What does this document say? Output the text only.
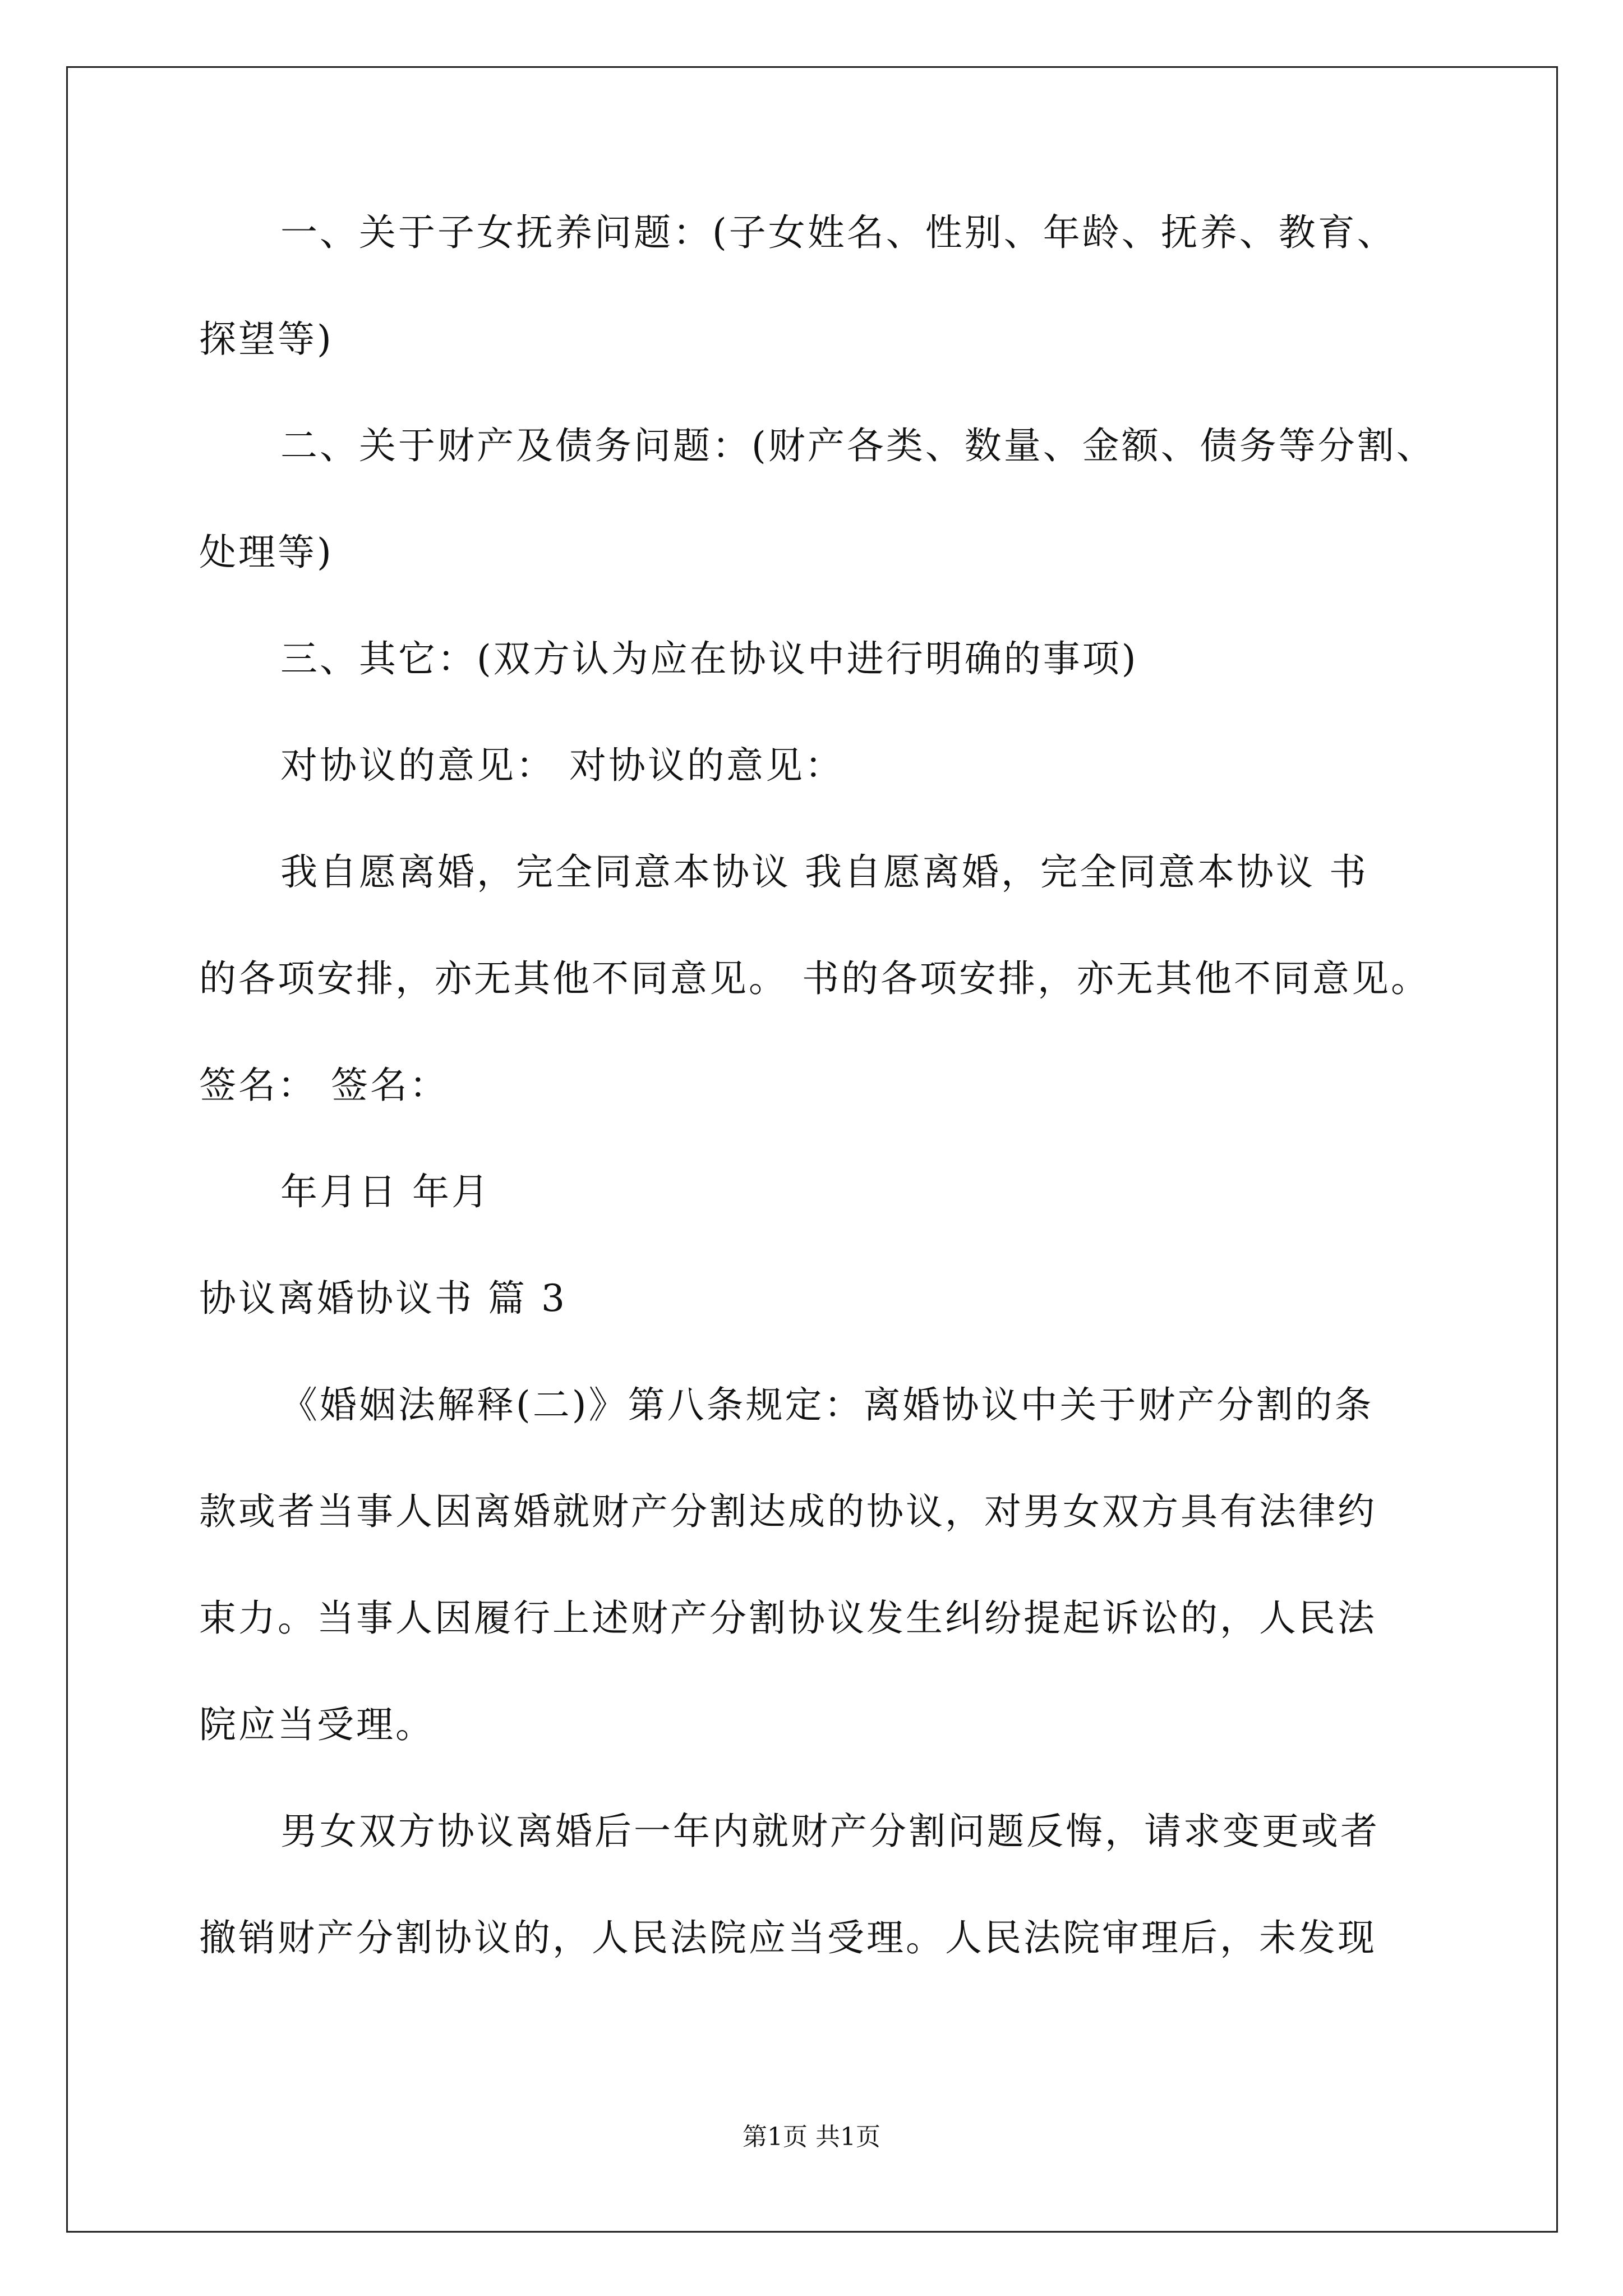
一、关于子女抚养问题：(子女姓名、性别、年龄、抚养、教育、
探望等)
二、关于财产及债务问题：(财产各类、数量、金额、债务等分割、
处理等)
三、其它：(双方认为应在协议中进行明确的事项)
对协议的意见： 对协议的意见：
我自愿离婚，完全同意本协议 我自愿离婚，完全同意本协议 书
的各项安排，亦无其他不同意见。 书的各项安排，亦无其他不同意见。
签名： 签名：
年月日 年月
协议离婚协议书 篇 3
《婚姻法解释(二)》第八条规定：离婚协议中关于财产分割的条
款或者当事人因离婚就财产分割达成的协议，对男女双方具有法律约
束力。当事人因履行上述财产分割协议发生纠纷提起诉讼的，人民法
院应当受理。
男女双方协议离婚后一年内就财产分割问题反悔，请求变更或者
撤销财产分割协议的，人民法院应当受理。人民法院审理后，未发现
第1页 共1页
